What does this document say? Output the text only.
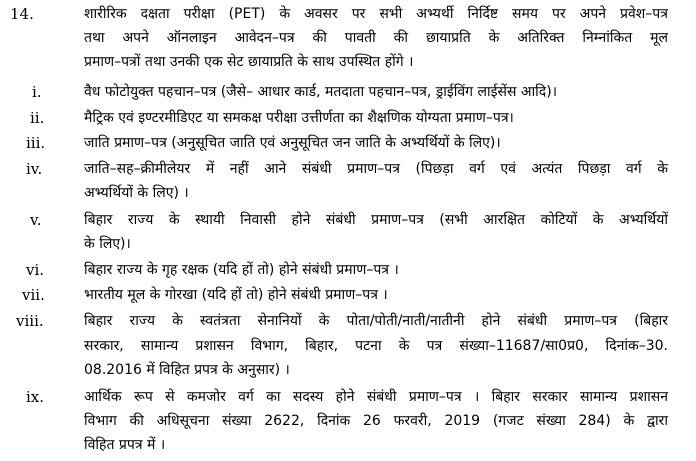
14.	शारीरिक दक्षता परीक्षा (PET) के अवसर पर सभी अभ्यर्थी निर्दिष्ट समय पर अपने प्रवेश–पत्र
तथा अपने ऑनलाइन आवेदन–पत्र की पावती की छायाप्रति के अतिरिक्त निम्नांकित मूल
प्रमाण–पत्रों तथा उनकी एक सेट छायाप्रति के साथ उपस्थित होंगे ।
i.	वैध फोटोयुक्त पहचान–पत्र (जैसे– आधार कार्ड, मतदाता पहचान–पत्र, ड्राईविंग लाईसेंस आदि)।
ii.	मैट्रिक एवं इण्टरमीडिएट या समकक्ष परीक्षा उत्तीर्णता का शैक्षणिक योग्यता प्रमाण–पत्र।
iii.	जाति प्रमाण–पत्र (अनुसूचित जाति एवं अनुसूचित जन जाति के अभ्यर्थियों के लिए)।
iv.	जाति–सह–क्रीमीलेयर में नहीं आने संबंधी प्रमाण–पत्र (पिछड़ा वर्ग एवं अत्यंत पिछड़ा वर्ग के
अभ्यर्थियों के लिए) ।
v.	बिहार राज्य के स्थायी निवासी होने संबंधी प्रमाण–पत्र (सभी आरक्षित कोटियों के अभ्यर्थियों
के लिए)।
vi.	बिहार राज्य के गृह रक्षक (यदि हों तो) होने संबंधी प्रमाण–पत्र ।
vii.	भारतीय मूल के गोरखा (यदि हों तो) होने संबंधी प्रमाण–पत्र ।
viii.	बिहार राज्य के स्वतंत्रता सेनानियों के पोता/पोती/नाती/नातीनी होने संबंधी प्रमाण–पत्र (बिहार
सरकार, सामान्य प्रशासन विभाग, बिहार, पटना के पत्र संख्या–11687/सा0प्र0, दिनांक–30.
08.2016 में विहित प्रपत्र के अनुसार) ।
ix.	आर्थिक रूप से कमजोर वर्ग का सदस्य होने संबंधी प्रमाण–पत्र । बिहार सरकार सामान्य प्रशासन
विभाग की अधिसूचना संख्या 2622, दिनांक 26 फरवरी, 2019 (गजट संख्या 284) के द्वारा
विहित प्रपत्र में ।
